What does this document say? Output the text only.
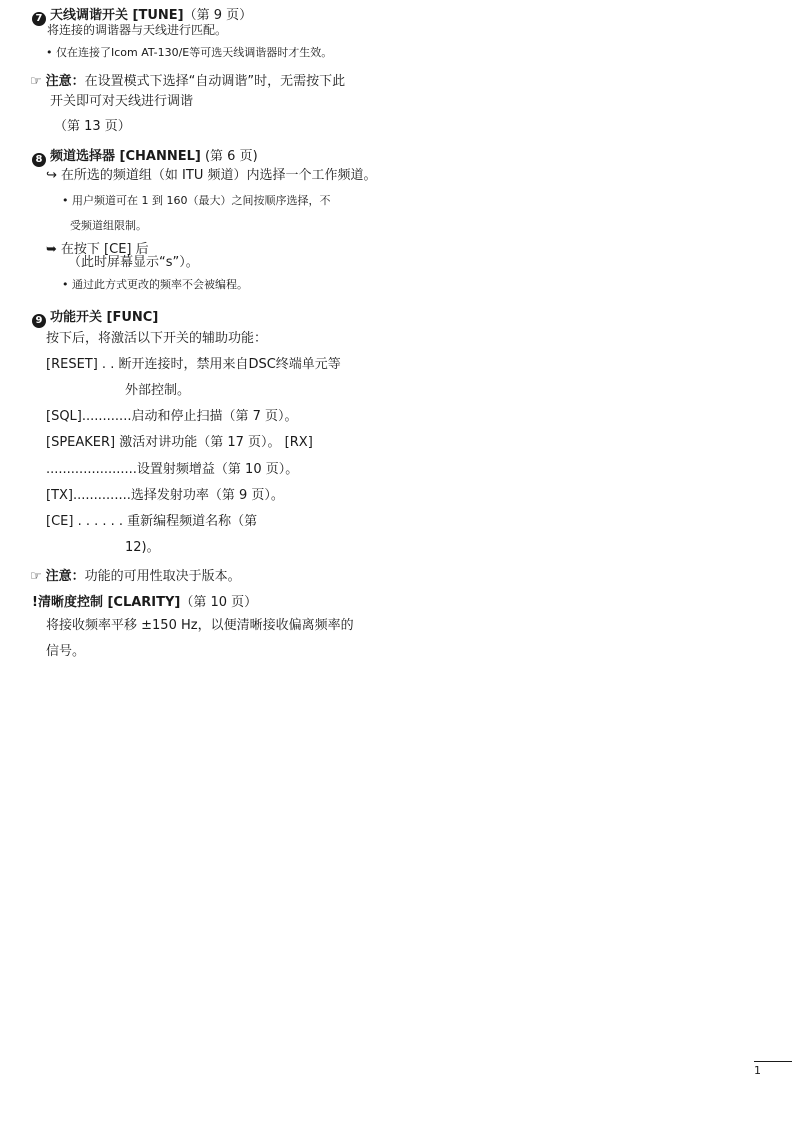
7 天线调谐开关 [TUNE]（第 9 页）
将连接的调谐器与天线进行匹配。
• 仅在连接了Icom AT-130/E等可选天线调谐器时才生效。
☞ 注意：在设置模式下选择“自动调谐”时，无需按下此
开关即可对天线进行调谐
（第 13 页）
8 频道选择器 [CHANNEL] (第 6 页)
↪ 在所选的频道组（如 ITU 频道）内选择一个工作频道。
• 用户频道可在 1 到 160（最大）之间按顺序选择，不
受频道组限制。
➥ 在按下 [CE] 后
（此时屏幕显示“s”）。
• 通过此方式更改的频率不会被编程。
9 功能开关 [FUNC]
按下后，将激活以下开关的辅助功能：
[RESET] . . 断开连接时，禁用来自DSC终端单元等
外部控制。
[SQL]............启动和停止扫描（第 7 页）。
[SPEAKER] 激活对讲功能（第 17 页）。 [RX]
......................设置射频增益（第 10 页）。
[TX]..............选择发射功率（第 9 页）。
[CE] . . . . . . 重新编程频道名称（第
12)。
☞ 注意：功能的可用性取决于版本。
!清晰度控制 [CLARITY]（第 10 页）
将接收频率平移 ±150 Hz，以便清晰接收偏离频率的
信号。
1
